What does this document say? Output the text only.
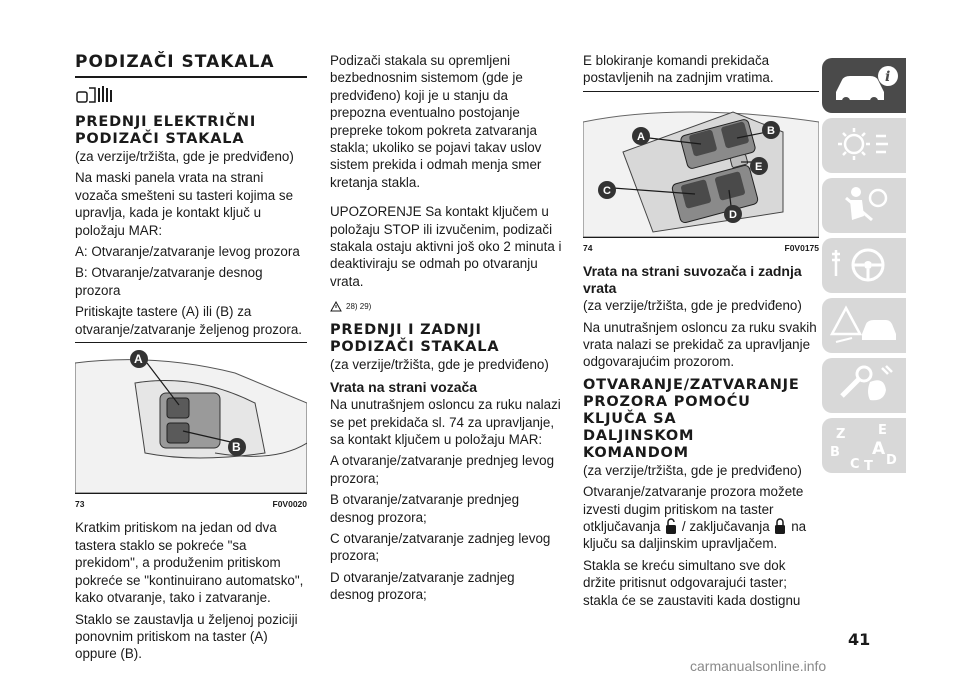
PODIZAČI STAKALA
PREDNJI ELEKTRIČNI
PODIZAČI STAKALA

(za verzije/tržišta, gde je predviđeno)

Na maski panela vrata na strani vozača smešteni su tasteri kojima se upravlja, kada je kontakt ključ u položaju MAR:

A: Otvaranje/zatvaranje levog prozora

B: Otvaranje/zatvaranje desnog prozora

Pritiskajte tastere (A) ili (B) za otvaranje/zatvaranje željenog prozora.

A
B
73	F0V0020

Kratkim pritiskom na jedan od dva tastera staklo se pokreće "sa prekidom", a produženim pritiskom pokreće se "kontinuirano automatsko", kako otvaranje, tako i zatvaranje.

Staklo se zaustavlja u željenoj poziciji ponovnim pritiskom na taster (A) oppure (B).

Podizači stakala su opremljeni bezbednosnim sistemom (gde je predviđeno) koji je u stanju da prepozna eventualno postojanje prepreke tokom pokreta zatvaranja stakla; ukoliko se pojavi takav uslov sistem prekida i odmah menja smer kretanja stakla.

UPOZORENJE Sa kontakt ključem u položaju STOP ili izvučenim, podizači stakala ostaju aktivni još oko 2 minuta i deaktiviraju se odmah po otvaranju vrata.

28) 29)
PREDNJI I ZADNJI
PODIZAČI STAKALA

(za verzije/tržišta, gde je predviđeno)

Vrata na strani vozača

Na unutrašnjem osloncu za ruku nalazi se pet prekidača sl. 74 za upravljanje, sa kontakt ključem u položaju MAR:

A otvaranje/zatvaranje prednjeg levog prozora;

B otvaranje/zatvaranje prednjeg desnog prozora;

C otvaranje/zatvaranje zadnjeg levog prozora;

D otvaranje/zatvaranje zadnjeg desnog prozora;

E blokiranje komandi prekidača postavljenih na zadnjim vratima.

A	B
C
D
E
74	F0V0175
Vrata na strani suvozača i zadnja vrata

(za verzije/tržišta, gde je predviđeno)

Na unutrašnjem osloncu za ruku svakih vrata nalazi se prekidač za upravljanje odgovarajućim prozorom.

OTVARANJE/ZATVARANJE
PROZORA POMOĆU
KLJUČA SA
DALJINSKOM
KOMANDOM

(za verzije/tržišta, gde je predviđeno)

Otvaranje/zatvaranje prozora možete izvesti dugim pritiskom na taster otključavanja / zaključavanja na ključu sa daljinskim upravljačem.

Stakla se kreću simultano sve dok držite pritisnut odgovarajući taster; stakla će se zaustaviti kada dostignu

i
Z	E
B A
C T D
41
carmanualsonline.info
